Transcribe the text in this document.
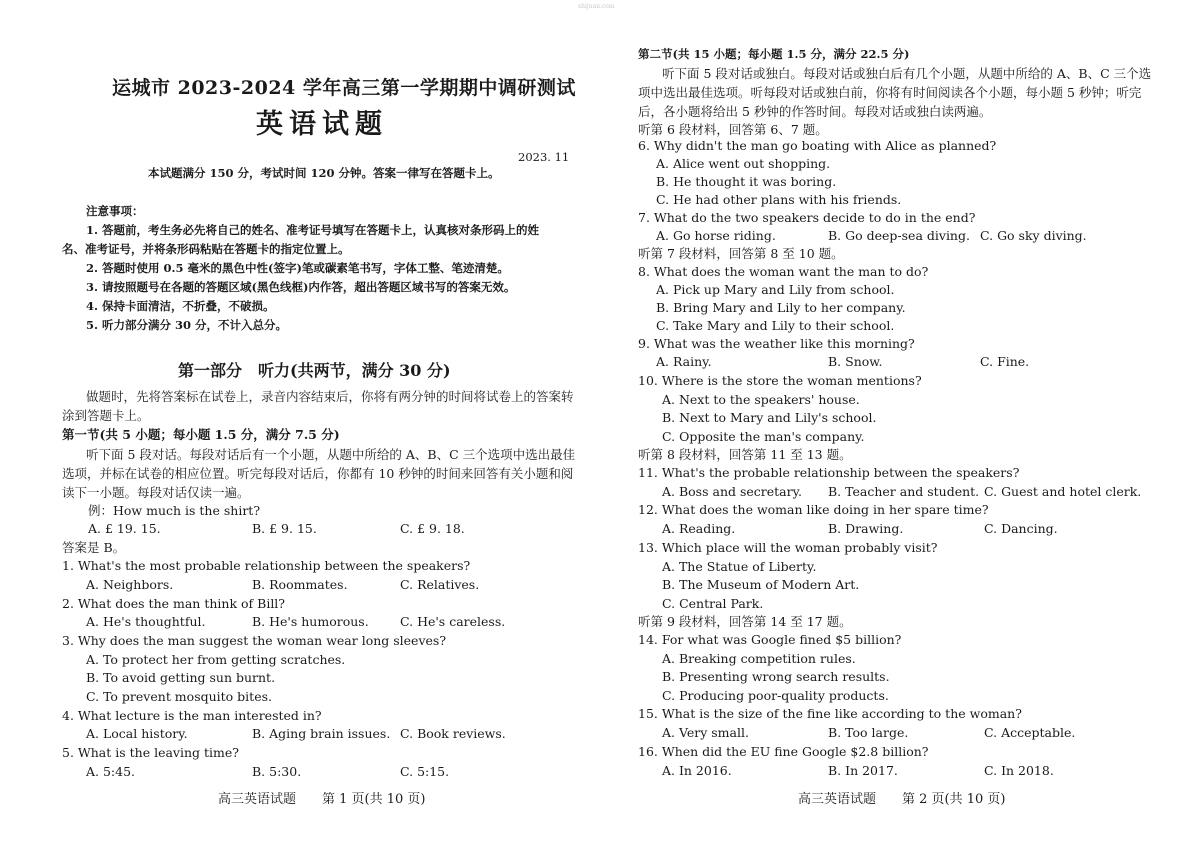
shijuan.com
运城市 2023-2024 学年高三第一学期期中调研测试
英语试题
2023. 11
本试题满分 150 分，考试时间 120 分钟。答案一律写在答题卡上。
注意事项：
1. 答题前，考生务必先将自己的姓名、准考证号填写在答题卡上，认真核对条形码上的姓
名、准考证号，并将条形码粘贴在答题卡的指定位置上。
2. 答题时使用 0.5 毫米的黑色中性(签字)笔或碳素笔书写，字体工整、笔迹清楚。
3. 请按照题号在各题的答题区域(黑色线框)内作答，超出答题区域书写的答案无效。
4. 保持卡面清洁，不折叠，不破损。
5. 听力部分满分 30 分，不计入总分。
第一部分　听力(共两节，满分 30 分)
做题时，先将答案标在试卷上，录音内容结束后，你将有两分钟的时间将试卷上的答案转
涂到答题卡上。
第一节(共 5 小题；每小题 1.5 分，满分 7.5 分)
听下面 5 段对话。每段对话后有一个小题，从题中所给的 A、B、C 三个选项中选出最佳
选项，并标在试卷的相应位置。听完每段对话后，你都有 10 秒钟的时间来回答有关小题和阅
读下一小题。每段对话仅读一遍。
例：How much is the shirt?
A. £ 19. 15.	B. £ 9. 15.	C. £ 9. 18.
答案是 B。
1. What's the most probable relationship between the speakers?
A. Neighbors.	B. Roommates.	C. Relatives.
2. What does the man think of Bill?
A. He's thoughtful.	B. He's humorous.	C. He's careless.
3. Why does the man suggest the woman wear long sleeves?
A. To protect her from getting scratches.
B. To avoid getting sun burnt.
C. To prevent mosquito bites.
4. What lecture is the man interested in?
A. Local history.	B. Aging brain issues. C. Book reviews.
5. What is the leaving time?
A. 5:45.	B. 5:30.	C. 5:15.
高三英语试题　　第 1 页(共 10 页)
第二节(共 15 小题；每小题 1.5 分，满分 22.5 分)
听下面 5 段对话或独白。每段对话或独白后有几个小题，从题中所给的 A、B、C 三个选
项中选出最佳选项。听每段对话或独白前，你将有时间阅读各个小题，每小题 5 秒钟；听完
后，各小题将给出 5 秒钟的作答时间。每段对话或独白读两遍。
听第 6 段材料，回答第 6、7 题。
6. Why didn't the man go boating with Alice as planned?
A. Alice went out shopping.
B. He thought it was boring.
C. He had other plans with his friends.
7. What do the two speakers decide to do in the end?
A. Go horse riding.	B. Go deep-sea diving. C. Go sky diving.
听第 7 段材料，回答第 8 至 10 题。
8. What does the woman want the man to do?
A. Pick up Mary and Lily from school.
B. Bring Mary and Lily to her company.
C. Take Mary and Lily to their school.
9. What was the weather like this morning?
A. Rainy.	B. Snow.	C. Fine.
10. Where is the store the woman mentions?
A. Next to the speakers' house.
B. Next to Mary and Lily's school.
C. Opposite the man's company.
听第 8 段材料，回答第 11 至 13 题。
11. What's the probable relationship between the speakers?
A. Boss and secretary. B. Teacher and student. C. Guest and hotel clerk.
12. What does the woman like doing in her spare time?
A. Reading.	B. Drawing.	C. Dancing.
13. Which place will the woman probably visit?
A. The Statue of Liberty.
B. The Museum of Modern Art.
C. Central Park.
听第 9 段材料，回答第 14 至 17 题。
14. For what was Google fined $5 billion?
A. Breaking competition rules.
B. Presenting wrong search results.
C. Producing poor-quality products.
15. What is the size of the fine like according to the woman?
A. Very small.	B. Too large.	C. Acceptable.
16. When did the EU fine Google $2.8 billion?
A. In 2016.	B. In 2017.	C. In 2018.
高三英语试题　　第 2 页(共 10 页)
